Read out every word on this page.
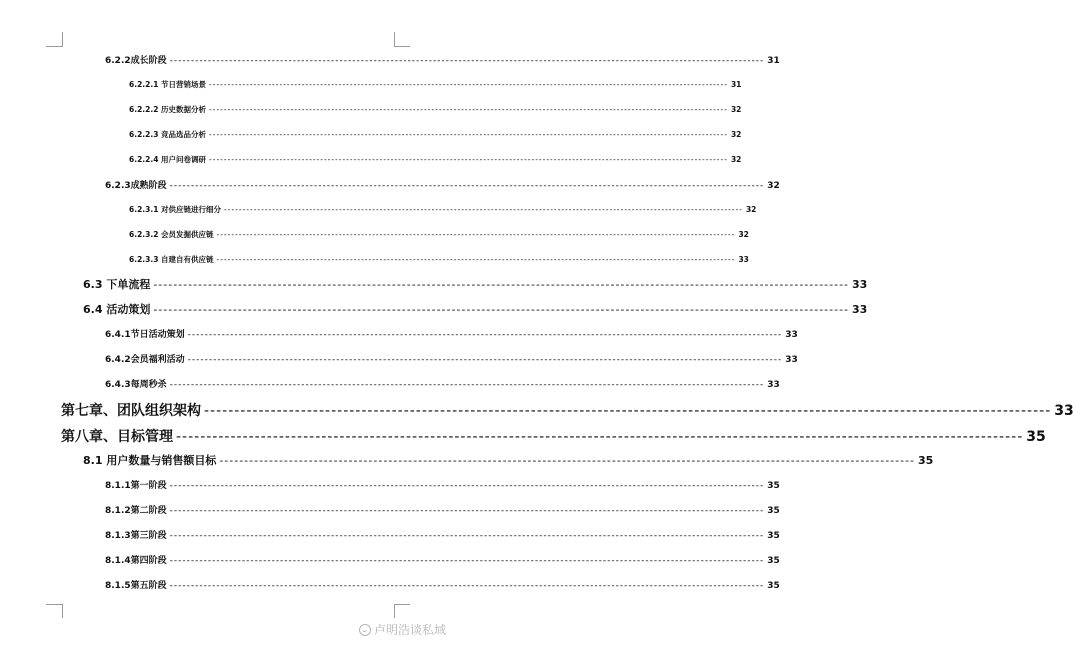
6.2.2成长阶段 -------------------------------------------------------------------------------------------------------------------------------------------- 31
6.2.2.1 节日营销场景 -------------------------------------------------------------------------------------------------------------------------------------------- 31
6.2.2.2 历史数据分析 -------------------------------------------------------------------------------------------------------------------------------------------- 32
6.2.2.3 竞品选品分析 -------------------------------------------------------------------------------------------------------------------------------------------- 32
6.2.2.4 用户问卷调研 -------------------------------------------------------------------------------------------------------------------------------------------- 32
6.2.3成熟阶段 -------------------------------------------------------------------------------------------------------------------------------------------- 32
6.2.3.1 对供应链进行细分 -------------------------------------------------------------------------------------------------------------------------------------------- 32
6.2.3.2 会员发掘供应链 -------------------------------------------------------------------------------------------------------------------------------------------- 32
6.2.3.3 自建自有供应链 -------------------------------------------------------------------------------------------------------------------------------------------- 33
6.3 下单流程 -------------------------------------------------------------------------------------------------------------------------------------------- 33
6.4 活动策划 -------------------------------------------------------------------------------------------------------------------------------------------- 33
6.4.1节日活动策划 -------------------------------------------------------------------------------------------------------------------------------------------- 33
6.4.2会员福利活动 -------------------------------------------------------------------------------------------------------------------------------------------- 33
6.4.3每周秒杀 -------------------------------------------------------------------------------------------------------------------------------------------- 33
第七章、团队组织架构 -------------------------------------------------------------------------------------------------------------------------------------------- 33
第八章、目标管理 -------------------------------------------------------------------------------------------------------------------------------------------- 35
8.1 用户数量与销售额目标 -------------------------------------------------------------------------------------------------------------------------------------------- 35
8.1.1第一阶段 -------------------------------------------------------------------------------------------------------------------------------------------- 35
8.1.2第二阶段 -------------------------------------------------------------------------------------------------------------------------------------------- 35
8.1.3第三阶段 -------------------------------------------------------------------------------------------------------------------------------------------- 35
8.1.4第四阶段 -------------------------------------------------------------------------------------------------------------------------------------------- 35
8.1.5第五阶段 -------------------------------------------------------------------------------------------------------------------------------------------- 35
卢明浩谈私域
